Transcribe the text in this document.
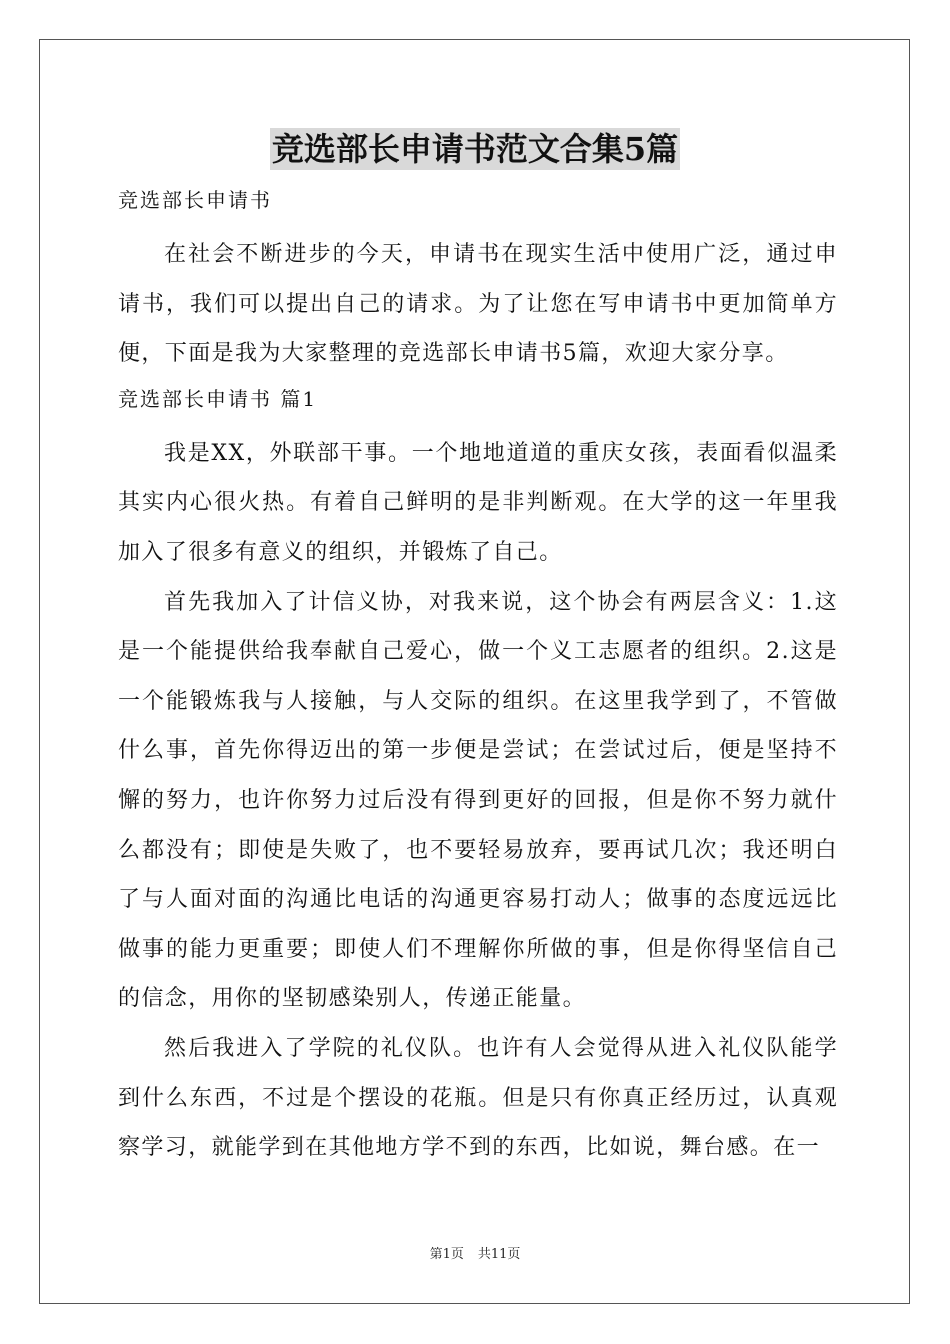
竞选部长申请书范文合集5篇
竞选部长申请书

在社会不断进步的今天，申请书在现实生活中使用广泛，通过申请书，我们可以提出自己的请求。为了让您在写申请书中更加简单方便，下面是我为大家整理的竞选部长申请书5篇，欢迎大家分享。

竞选部长申请书 篇1

我是XX，外联部干事。一个地地道道的重庆女孩，表面看似温柔其实内心很火热。有着自己鲜明的是非判断观。在大学的这一年里我加入了很多有意义的组织，并锻炼了自己。

首先我加入了计信义协，对我来说，这个协会有两层含义：1.这是一个能提供给我奉献自己爱心，做一个义工志愿者的组织。2.这是一个能锻炼我与人接触，与人交际的组织。在这里我学到了，不管做什么事，首先你得迈出的第一步便是尝试；在尝试过后，便是坚持不懈的努力，也许你努力过后没有得到更好的回报，但是你不努力就什么都没有；即使是失败了，也不要轻易放弃，要再试几次；我还明白了与人面对面的沟通比电话的沟通更容易打动人；做事的态度远远比做事的能力更重要；即使人们不理解你所做的事，但是你得坚信自己的信念，用你的坚韧感染别人，传递正能量。

然后我进入了学院的礼仪队。也许有人会觉得从进入礼仪队能学到什么东西，不过是个摆设的花瓶。但是只有你真正经历过，认真观察学习，就能学到在其他地方学不到的东西，比如说，舞台感。在一

第1页 共11页
